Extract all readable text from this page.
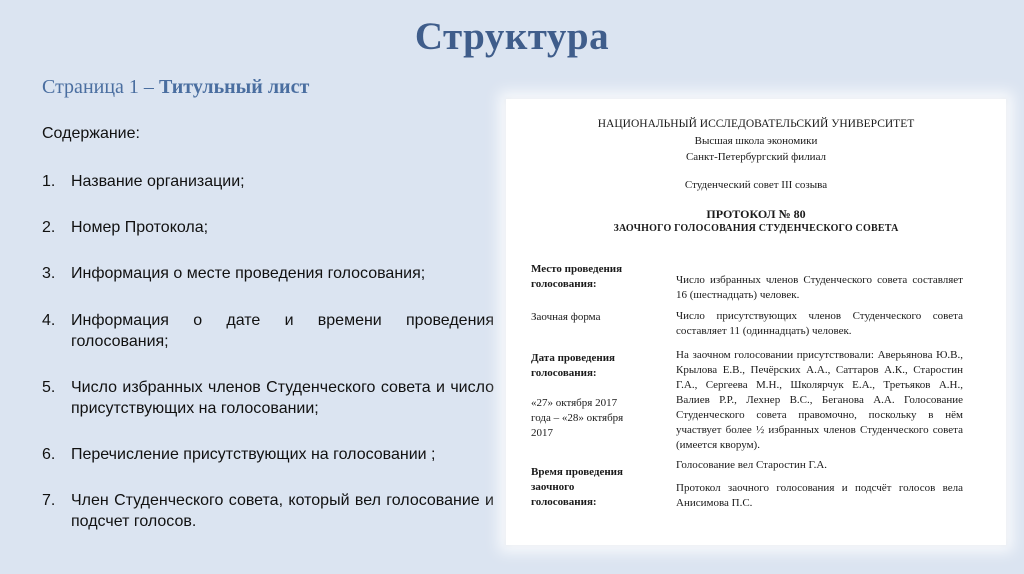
Структура
Страница 1 – Титульный лист
Содержание:
1. Название организации;
2. Номер Протокола;
3. Информация о месте проведения голосования;
4. Информация о дате и времени проведения голосования;
5. Число избранных членов Студенческого совета и число присутствующих на голосовании;
6. Перечисление присутствующих на голосовании ;
7. Член Студенческого совета, который вел голосование и подсчет голосов.
НАЦИОНАЛЬНЫЙ ИССЛЕДОВАТЕЛЬСКИЙ УНИВЕРСИТЕТ
Высшая школа экономики
Санкт-Петербургский филиал
Студенческий совет III созыва
ПРОТОКОЛ № 80
ЗАОЧНОГО ГОЛОСОВАНИЯ СТУДЕНЧЕСКОГО СОВЕТА
Место проведения голосования:
Заочная форма
Дата проведения голосования:
«27» октября 2017 года – «28» октября 2017
Время проведения заочного голосования:
Число избранных членов Студенческого совета составляет 16 (шестнадцать) человек.
Число присутствующих членов Студенческого совета составляет 11 (одиннадцать) человек.
На заочном голосовании присутствовали: Аверьянова Ю.В., Крылова Е.В., Печёрских А.А., Саттаров А.К., Старостин Г.А., Сергеева М.Н., Школярчук Е.А., Третьяков А.Н., Валиев Р.Р., Лехнер В.С., Беганова А.А. Голосование Студенческого совета правомочно, поскольку в нём участвует более ½ избранных членов Студенческого совета (имеется кворум).
Голосование вел Старостин Г.А.
Протокол заочного голосования и подсчёт голосов вела Анисимова П.С.
